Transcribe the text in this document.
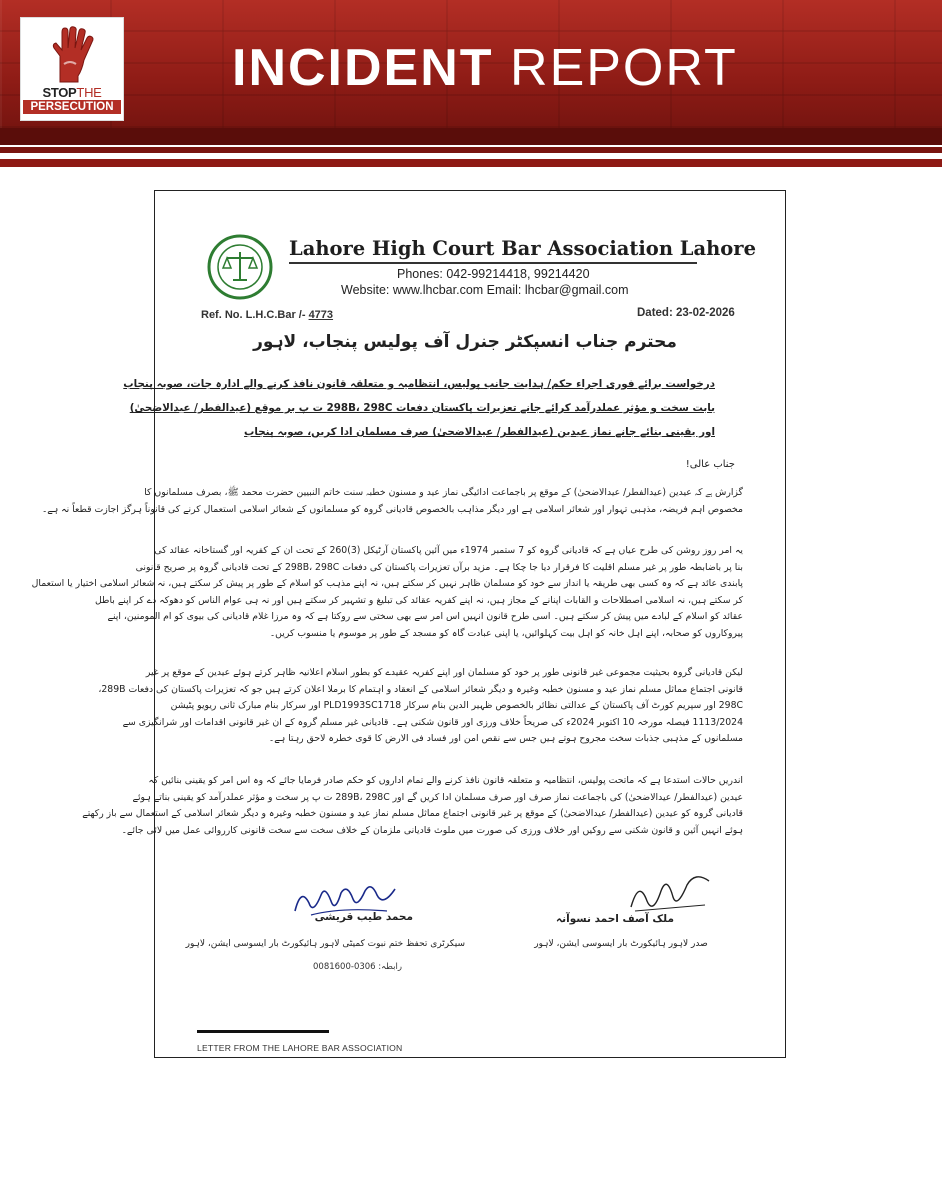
STOPTHE
PERSECUTION
INCIDENT REPORT
Lahore High Court Bar Association Lahore
Phones: 042-99214418, 99214420
Website: www.lhcbar.com Email: lhcbar@gmail.com
Ref. No. L.H.C.Bar /- 4773	Dated: 23-02-2026
محترم جناب انسپکٹر جنرل آف پولیس پنجاب، لاہور
درخواست برائے فوری اجراء حکم/ ہدایت جانب پولیس، انتظامیہ و متعلقہ قانون نافذ کرنے والے ادارہ جات، صوبہ پنجاب
بابت سخت و مؤثر عملدرآمد کرائے جانے تعزیرات پاکستان دفعات 298B، 298C ت پ بر موقع (عیدالفطر/ عیدالاضحیٰ)
اور یقینی بنائے جانے نماز عیدین (عیدالفطر/ عیدالاضحیٰ) صرف مسلمان ادا کریں، صوبہ پنجاب
جناب عالی!
گزارش ہے کہ عیدین (عیدالفطر/ عیدالاضحیٰ) کے موقع پر باجماعت ادائیگی نماز عید و مسنون خطبہ سنت خاتم النبیین حضرت محمد ﷺ، بصرف مسلمانوں کا
مخصوص اہم فریضہ، مذہبی تہوار اور شعائر اسلامی ہے اور دیگر مذاہب بالخصوص قادیانی گروہ کو مسلمانوں کے شعائر اسلامی استعمال کرنے کی قانوناً ہرگز اجازت قطعاً نہ ہے۔
یہ امر روز روشن کی طرح عیاں ہے کہ قادیانی گروہ کو 7 ستمبر 1974ء میں آئین پاکستان آرٹیکل (3)260 کے تحت ان کے کفریہ اور گستاخانہ عقائد کی
بنا پر باضابطہ طور پر غیر مسلم اقلیت کا فرقرار دیا جا چکا ہے۔ مزید برآں تعزیرات پاکستان کی دفعات 298B، 298C کے تحت قادیانی گروہ پر صریح قانونی
پابندی عائد ہے کہ وہ کسی بھی طریقہ یا انداز سے خود کو مسلمان ظاہر نہیں کر سکتے ہیں، نہ اپنے مذہب کو اسلام کے طور پر پیش کر سکتے ہیں، نہ شعائر اسلامی اختیار یا استعمال
کر سکتے ہیں، نہ اسلامی اصطلاحات و القابات اپنانے کے مجاز ہیں، نہ اپنے کفریہ عقائد کی تبلیغ و تشہیر کر سکتے ہیں اور نہ ہی عوام الناس کو دھوکہ دے کر اپنے باطل
عقائد کو اسلام کے لبادے میں پیش کر سکتے ہیں۔ اسی طرح قانون انہیں اس امر سے بھی سختی سے روکتا ہے کہ وہ مرزا غلام قادیانی کی بیوی کو ام المومنین، اپنے
پیروکاروں کو صحابہ، اپنے اہل خانہ کو اہل بیت کہلوائیں، یا اپنی عبادت گاہ کو مسجد کے طور پر موسوم یا منسوب کریں۔
لیکن قادیانی گروہ بحیثیت مجموعی غیر قانونی طور پر خود کو مسلمان اور اپنے کفریہ عقیدے کو بطور اسلام اعلانیہ ظاہر کرتے ہوئے عیدین کے موقع پر غیر
قانونی اجتماع مماثل مسلم نماز عید و مسنون خطبہ وغیرہ و دیگر شعائر اسلامی کے انعقاد و اہتمام کا برملا اعلان کرتے ہیں جو کہ تعزیرات پاکستان کی دفعات 289B،
298C اور سپریم کورٹ آف پاکستان کے عدالتی نظائر بالخصوص ظہیر الدین بنام سرکار PLD1993SC1718 اور سرکار بنام مبارک ثانی ریویو پٹیشن
1113/2024 فیصلہ مورخہ 10 اکتوبر 2024ء کی صریحاً خلاف ورزی اور قانون شکنی ہے۔ قادیانی غیر مسلم گروہ کے ان غیر قانونی اقدامات اور شرانگیزی سے
مسلمانوں کے مذہبی جذبات سخت مجروح ہوتے ہیں جس سے نقص امن اور فساد فی الارض کا قوی خطرہ لاحق رہتا ہے۔
اندریں حالات استدعا ہے کہ ماتحت پولیس، انتظامیہ و متعلقہ قانون نافذ کرنے والے تمام اداروں کو حکم صادر فرمایا جائے کہ وہ اس امر کو یقینی بنائیں کہ
عیدین (عیدالفطر/ عیدالاضحیٰ) کی باجماعت نماز صرف اور صرف مسلمان ادا کریں گے اور 289B، 298C ت پ پر سخت و مؤثر عملدرآمد کو یقینی بناتے ہوئے
قادیانی گروہ کو عیدین (عیدالفطر/ عیدالاضحیٰ) کے موقع پر غیر قانونی اجتماع مماثل مسلم نماز عید و مسنون خطبہ وغیرہ و دیگر شعائر اسلامی کے استعمال سے باز رکھتے
ہوئے انہیں آئین و قانون شکنی سے روکیں اور خلاف ورزی کی صورت میں ملوث قادیانی ملزمان کے خلاف سخت سے سخت قانونی کارروائی عمل میں لائی جائے۔
محمد طیب قریشی
سیکرٹری تحفظ ختم نبوت کمیٹی لاہور ہائیکورٹ بار ایسوسی ایشن، لاہور
رابطہ: 0306-0081600
ملک آصف احمد نسوآنہ
صدر لاہور ہائیکورٹ بار ایسوسی ایشن، لاہور
LETTER FROM THE LAHORE BAR ASSOCIATION
